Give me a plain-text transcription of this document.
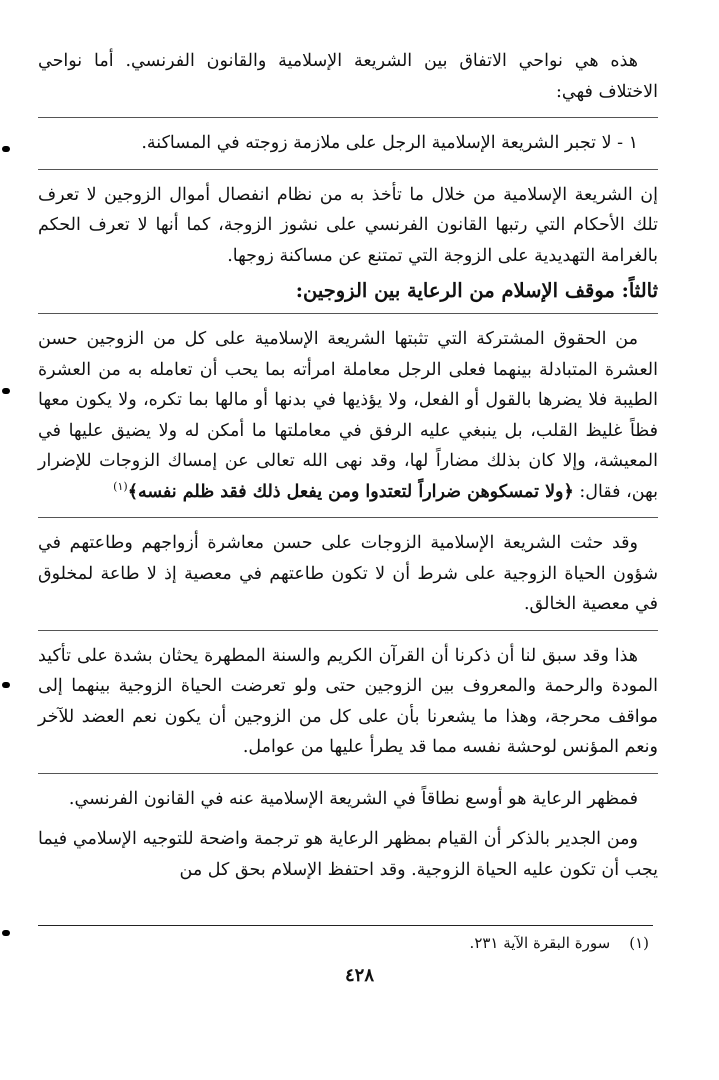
هذه هي نواحي الاتفاق بين الشريعة الإسلامية والقانون الفرنسي. أما نواحي الاختلاف فهي:

١ - لا تجبر الشريعة الإسلامية الرجل على ملازمة زوجته في المساكنة.

إن الشريعة الإسلامية من خلال ما تأخذ به من نظام انفصال أموال الزوجين لا تعرف تلك الأحكام التي رتبها القانون الفرنسي على نشوز الزوجة، كما أنها لا تعرف الحكم بالغرامة التهديدية على الزوجة التي تمتنع عن مساكنة زوجها.

ثالثاً: موقف الإسلام من الرعاية بين الزوجين:

من الحقوق المشتركة التي تثبتها الشريعة الإسلامية على كل من الزوجين حسن العشرة المتبادلة بينهما فعلى الرجل معاملة امرأته بما يحب أن تعامله به من العشرة الطيبة فلا يضرها بالقول أو الفعل، ولا يؤذيها في بدنها أو مالها بما تكره، ولا يكون معها فظاً غليظ القلب، بل ينبغي عليه الرفق في معاملتها ما أمكن له ولا يضيق عليها في المعيشة، وإلا كان بذلك مضاراً لها، وقد نهى الله تعالى عن إمساك الزوجات للإضرار بهن، فقال: ﴿ولا تمسكوهن ضراراً لتعتدوا ومن يفعل ذلك فقد ظلم نفسه﴾$^{(١)}$

وقد حثت الشريعة الإسلامية الزوجات على حسن معاشرة أزواجهم وطاعتهم في شؤون الحياة الزوجية على شرط أن لا تكون طاعتهم في معصية إذ لا طاعة لمخلوق في معصية الخالق.

هذا وقد سبق لنا أن ذكرنا أن القرآن الكريم والسنة المطهرة يحثان بشدة على تأكيد المودة والرحمة والمعروف بين الزوجين حتى ولو تعرضت الحياة الزوجية بينهما إلى مواقف محرجة، وهذا ما يشعرنا بأن على كل من الزوجين أن يكون نعم العضد للآخر ونعم المؤنس لوحشة نفسه مما قد يطرأ عليها من عوامل.

فمظهر الرعاية هو أوسع نطاقاً في الشريعة الإسلامية عنه في القانون الفرنسي.

ومن الجدير بالذكر أن القيام بمظهر الرعاية هو ترجمة واضحة للتوجيه الإسلامي فيما يجب أن تكون عليه الحياة الزوجية. وقد احتفظ الإسلام بحق كل من

(١)    سورة البقرة الآية ٢٣١.
٤٢٨
